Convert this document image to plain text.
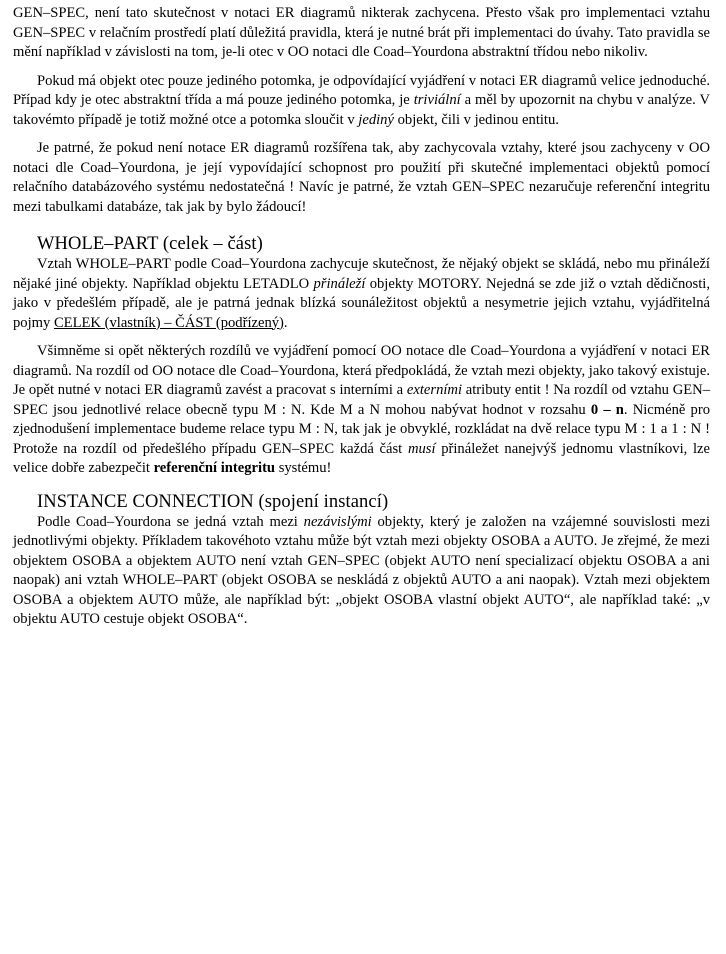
GEN–SPEC, není tato skutečnost v notaci ER diagramů nikterak zachycena. Přesto však pro implementaci vztahu GEN–SPEC v relačním prostředí platí důležitá pravidla, která je nutné brát při implementaci do úvahy. Tato pravidla se mění například v závislosti na tom, je-li otec v OO notaci dle Coad–Yourdona abstraktní třídou nebo nikoliv.

Pokud má objekt otec pouze jediného potomka, je odpovídající vyjádření v notaci ER diagramů velice jednoduché. Případ kdy je otec abstraktní třída a má pouze jediného potomka, je triviální a měl by upozornit na chybu v analýze. V takovémto případě je totiž možné otce a potomka sloučit v jediný objekt, čili v jedinou entitu.

Je patrné, že pokud není notace ER diagramů rozšířena tak, aby zachycovala vztahy, které jsou zachyceny v OO notaci dle Coad–Yourdona, je její vypovídající schopnost pro použití při skutečné implementaci objektů pomocí relačního databázového systému nedostatečná ! Navíc je patrné, že vztah GEN–SPEC nezaručuje referenční integritu mezi tabulkami databáze, tak jak by bylo žádoucí!

WHOLE–PART (celek – část)

Vztah WHOLE–PART podle Coad–Yourdona zachycuje skutečnost, že nějaký objekt se skládá, nebo mu přináleží nějaké jiné objekty. Například objektu LETADLO přináleží objekty MOTORY. Nejedná se zde již o vztah dědičnosti, jako v předešlém případě, ale je patrná jednak blízká sounáležitost objektů a nesymetrie jejich vztahu, vyjádřitelná pojmy CELEK (vlastník) – ČÁST (podřízený).

Všimněme si opět některých rozdílů ve vyjádření pomocí OO notace dle Coad–Yourdona a vyjádření v notaci ER diagramů. Na rozdíl od OO notace dle Coad–Yourdona, která předpokládá, že vztah mezi objekty, jako takový existuje. Je opět nutné v notaci ER diagramů zavést a pracovat s interními a externími atributy entit ! Na rozdíl od vztahu GEN–SPEC jsou jednotlivé relace obecně typu M : N. Kde M a N mohou nabývat hodnot v rozsahu 0 – n. Nicméně pro zjednodušení implementace budeme relace typu M : N, tak jak je obvyklé, rozkládat na dvě relace typu M : 1 a 1 : N ! Protože na rozdíl od předešlého případu GEN–SPEC každá část musí přináležet nanejvýš jednomu vlastníkovi, lze velice dobře zabezpečit referenční integritu systému!

INSTANCE CONNECTION (spojení instancí)

Podle Coad–Yourdona se jedná vztah mezi nezávislými objekty, který je založen na vzájemné souvislosti mezi jednotlivými objekty. Příkladem takovéhoto vztahu může být vztah mezi objekty OSOBA a AUTO. Je zřejmé, že mezi objektem OSOBA a objektem AUTO není vztah GEN–SPEC (objekt AUTO není specializací objektu OSOBA a ani naopak) ani vztah WHOLE–PART (objekt OSOBA se neskládá z objektů AUTO a ani naopak). Vztah mezi objektem OSOBA a objektem AUTO může, ale například být: „objekt OSOBA vlastní objekt AUTO“, ale například také: „v objektu AUTO cestuje objekt OSOBA“.
